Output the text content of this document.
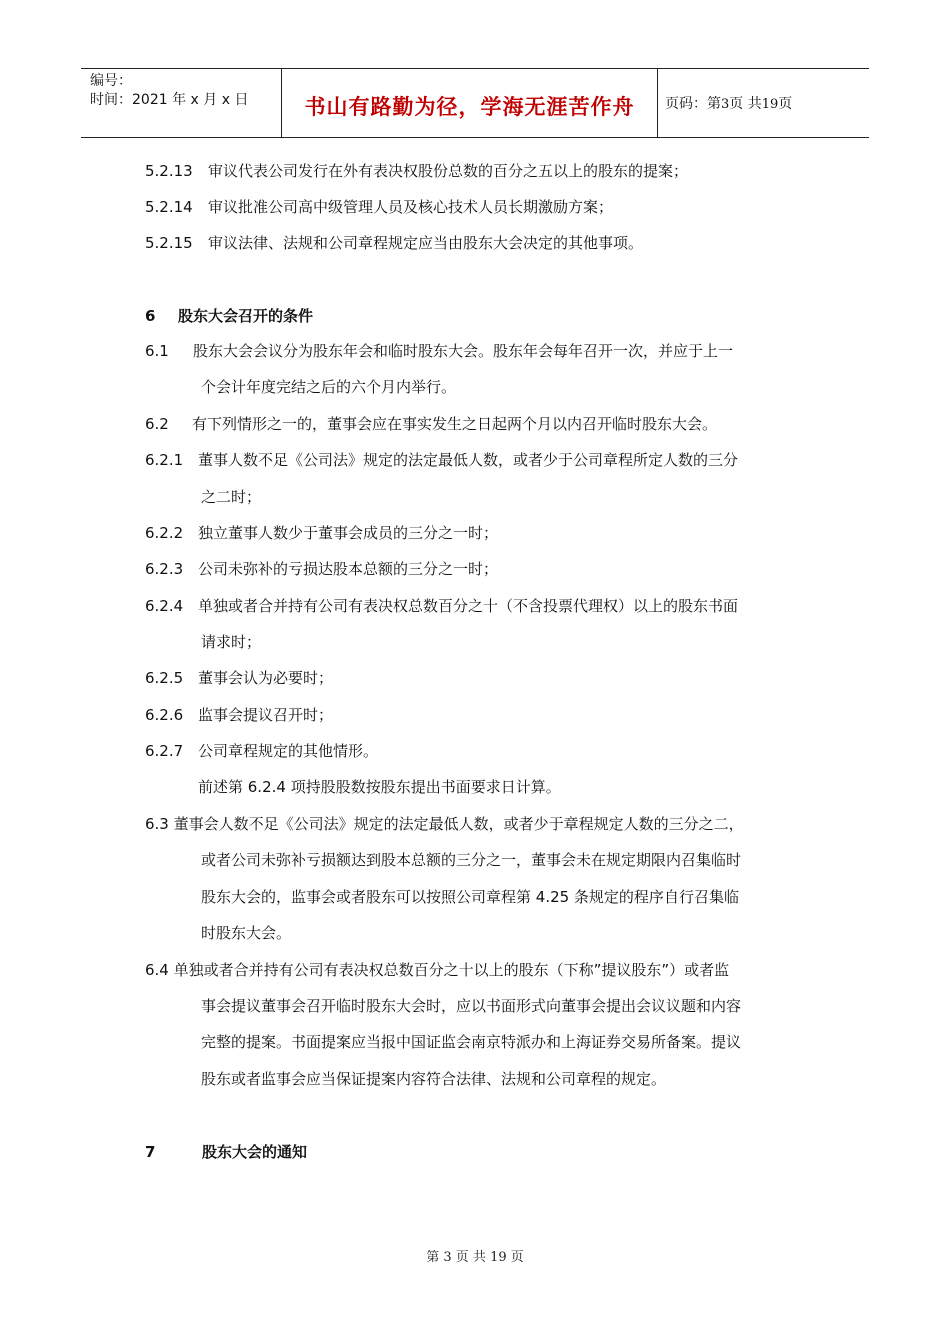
编号：
时间：2021 年 x 月 x 日	书山有路勤为径，学海无涯苦作舟	页码：第3页 共19页
5.2.13 审议代表公司发行在外有表决权股份总数的百分之五以上的股东的提案；
5.2.14 审议批准公司高中级管理人员及核心技术人员长期激励方案；
5.2.15 审议法律、法规和公司章程规定应当由股东大会决定的其他事项。
6 股东大会召开的条件
6.1 股东大会会议分为股东年会和临时股东大会。股东年会每年召开一次，并应于上一
个会计年度完结之后的六个月内举行。
6.2 有下列情形之一的，董事会应在事实发生之日起两个月以内召开临时股东大会。
6.2.1 董事人数不足《公司法》规定的法定最低人数，或者少于公司章程所定人数的三分
之二时；
6.2.2 独立董事人数少于董事会成员的三分之一时；
6.2.3 公司未弥补的亏损达股本总额的三分之一时；
6.2.4 单独或者合并持有公司有表决权总数百分之十（不含投票代理权）以上的股东书面
请求时；
6.2.5 董事会认为必要时；
6.2.6 监事会提议召开时；
6.2.7 公司章程规定的其他情形。
前述第 6.2.4 项持股股数按股东提出书面要求日计算。
6.3 董事会人数不足《公司法》规定的法定最低人数，或者少于章程规定人数的三分之二，
或者公司未弥补亏损额达到股本总额的三分之一，董事会未在规定期限内召集临时
股东大会的，监事会或者股东可以按照公司章程第 4.25 条规定的程序自行召集临
时股东大会。
6.4 单独或者合并持有公司有表决权总数百分之十以上的股东（下称”提议股东”）或者监
事会提议董事会召开临时股东大会时，应以书面形式向董事会提出会议议题和内容
完整的提案。书面提案应当报中国证监会南京特派办和上海证券交易所备案。提议
股东或者监事会应当保证提案内容符合法律、法规和公司章程的规定。
7	股东大会的通知
第 3 页 共 19 页
